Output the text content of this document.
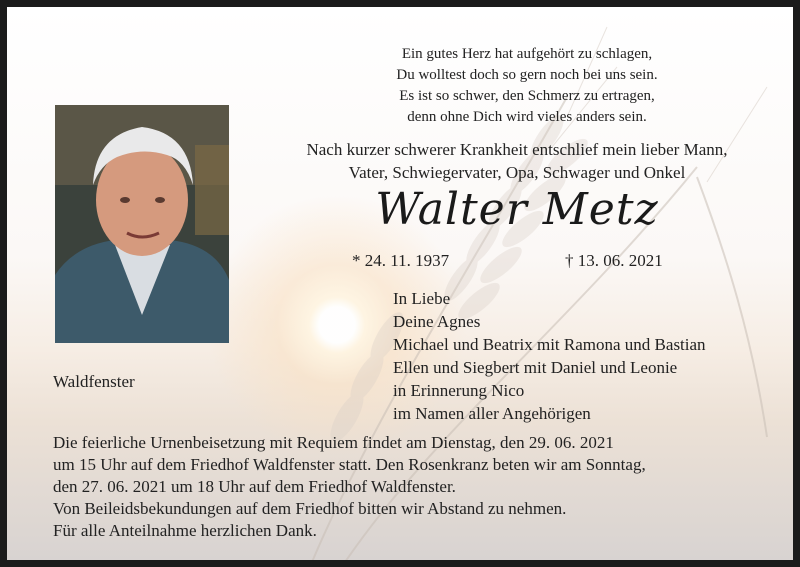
Ein gutes Herz hat aufgehört zu schlagen,
Du wolltest doch so gern noch bei uns sein.
Es ist so schwer, den Schmerz zu ertragen,
denn ohne Dich wird vieles anders sein.
Nach kurzer schwerer Krankheit entschlief mein lieber Mann,
Vater, Schwiegervater, Opa, Schwager und Onkel
Walter Metz
* 24. 11. 1937	† 13. 06. 2021
In Liebe
Deine Agnes
Michael und Beatrix mit Ramona und Bastian
Ellen und Siegbert mit Daniel und Leonie
in Erinnerung Nico
im Namen aller Angehörigen
Waldfenster
Die feierliche Urnenbeisetzung mit Requiem findet am Dienstag, den 29. 06. 2021
um 15 Uhr auf dem Friedhof Waldfenster statt. Den Rosenkranz beten wir am Sonntag,
den 27. 06. 2021 um 18 Uhr auf dem Friedhof Waldfenster.
Von Beileidsbekundungen auf dem Friedhof bitten wir Abstand zu nehmen.
Für alle Anteilnahme herzlichen Dank.
